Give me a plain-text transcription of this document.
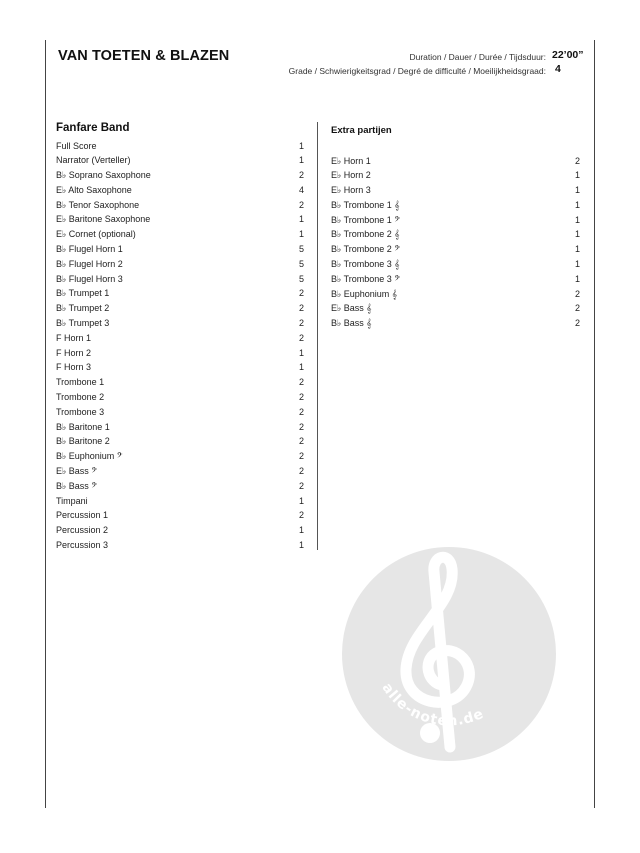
VAN TOETEN & BLAZEN	Duration / Dauer / Durée / Tijdsduur: 22’00”
Grade / Schwierigkeitsgrad / Degré de difficulté / Moeilijkheidsgraad: 4
Fanfare Band
Full Score	1
Narrator (Verteller)	1
B♭ Soprano Saxophone	2
E♭ Alto Saxophone	4
B♭ Tenor Saxophone	2
E♭ Baritone Saxophone	1
E♭ Cornet (optional)	1
B♭ Flugel Horn 1	5
B♭ Flugel Horn 2	5
B♭ Flugel Horn 3	5
B♭ Trumpet 1	2
B♭ Trumpet 2	2
B♭ Trumpet 3	2
F Horn 1	2
F Horn 2	1
F Horn 3	1
Trombone 1	2
Trombone 2	2
Trombone 3	2
B♭ Baritone 1	2
B♭ Baritone 2	2
B♭ Euphonium 𝄢	2
E♭ Bass 𝄢	2
B♭ Bass 𝄢	2
Timpani	1
Percussion 1	2
Percussion 2	1
Percussion 3	1
Extra partijen
E♭ Horn 1	2
E♭ Horn 2	1
E♭ Horn 3	1
B♭ Trombone 1 𝄞	1
B♭ Trombone 1 𝄢	1
B♭ Trombone 2 𝄞	1
B♭ Trombone 2 𝄢	1
B♭ Trombone 3 𝄞	1
B♭ Trombone 3 𝄢	1
B♭ Euphonium 𝄞	2
E♭ Bass 𝄞	2
B♭ Bass 𝄞	2
alle-noten.de
